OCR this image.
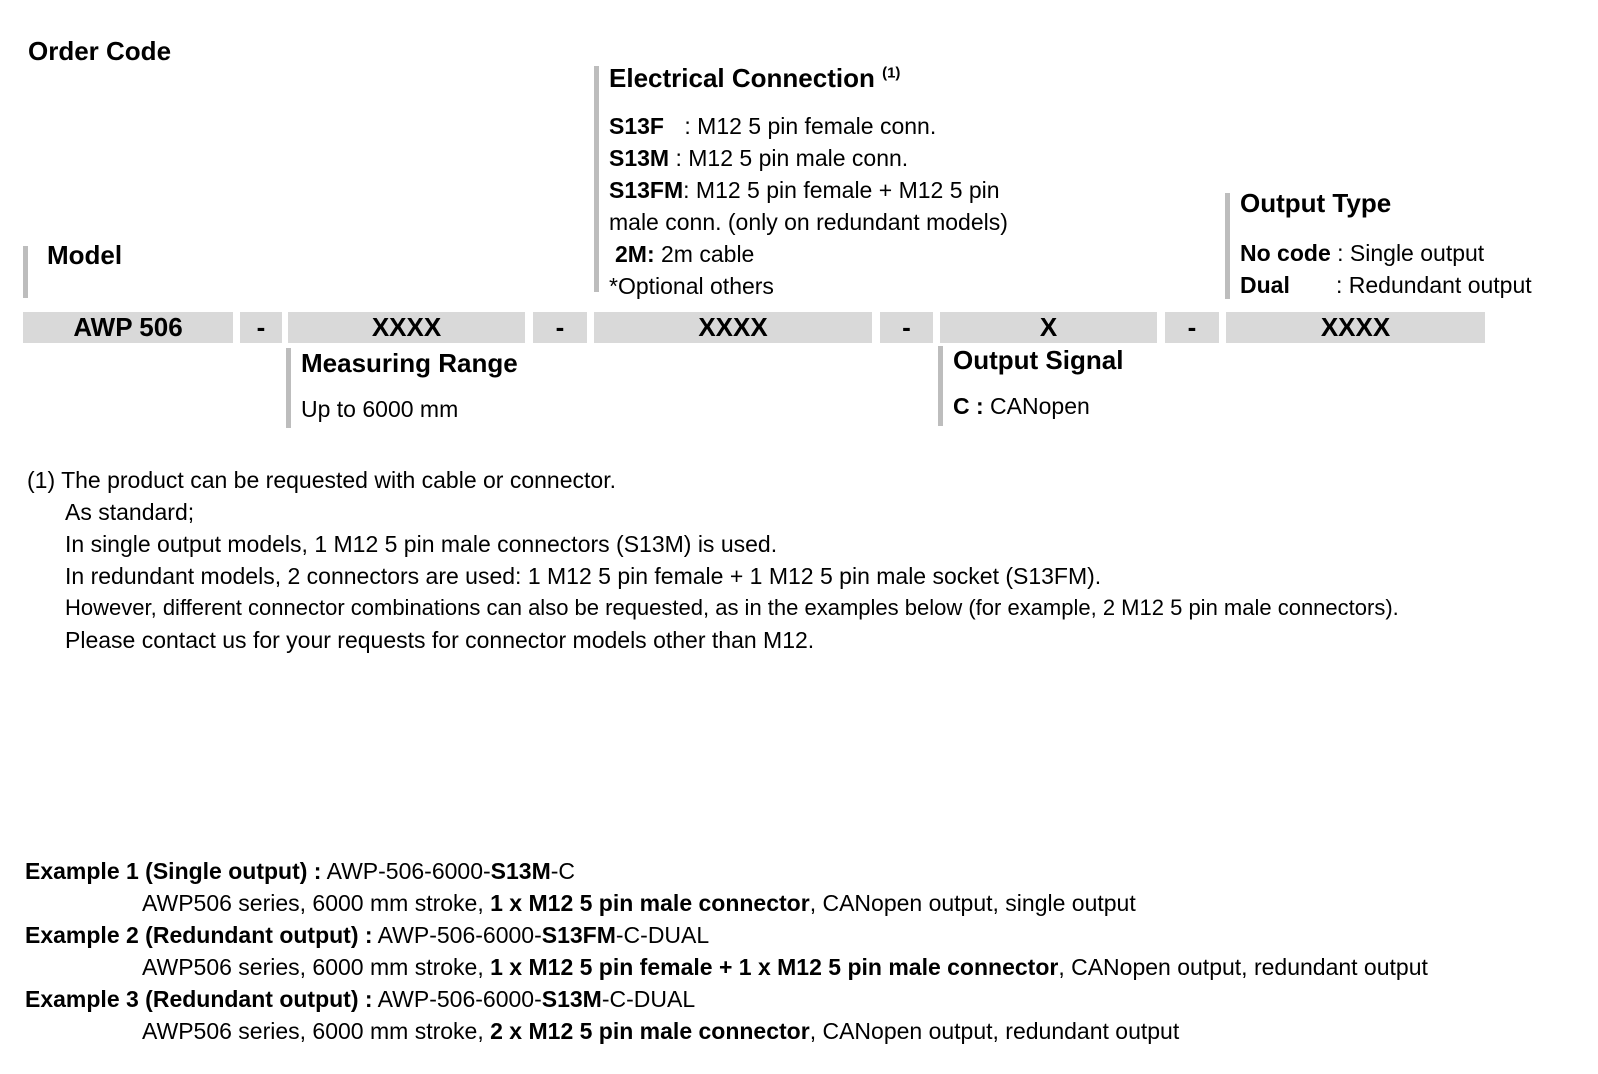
Order Code
Model
Electrical Connection $^{(1)}$
S13F : M12 5 pin female conn.
S13M : M12 5 pin male conn.
S13FM: M12 5 pin female + M12 5 pin
male conn. (only on redundant models)
2M: 2m cable
*Optional others
Output Type
No code : Single output
Dual : Redundant output
AWP 506	-	XXXX	-	XXXX	-	X	-	XXXX
Measuring Range
Up to 6000 mm
Output Signal
C : CANopen
(1) The product can be requested with cable or connector.
As standard;
In single output models, 1 M12 5 pin male connectors (S13M) is used.
In redundant models, 2 connectors are used: 1 M12 5 pin female + 1 M12 5 pin male socket (S13FM).
However, different connector combinations can also be requested, as in the examples below (for example, 2 M12 5 pin male connectors).
Please contact us for your requests for connector models other than M12.
Example 1 (Single output) : AWP-506-6000-S13M-C
AWP506 series, 6000 mm stroke, 1 x M12 5 pin male connector, CANopen output, single output
Example 2 (Redundant output) : AWP-506-6000-S13FM-C-DUAL
AWP506 series, 6000 mm stroke, 1 x M12 5 pin female + 1 x M12 5 pin male connector, CANopen output, redundant output
Example 3 (Redundant output) : AWP-506-6000-S13M-C-DUAL
AWP506 series, 6000 mm stroke, 2 x M12 5 pin male connector, CANopen output, redundant output
